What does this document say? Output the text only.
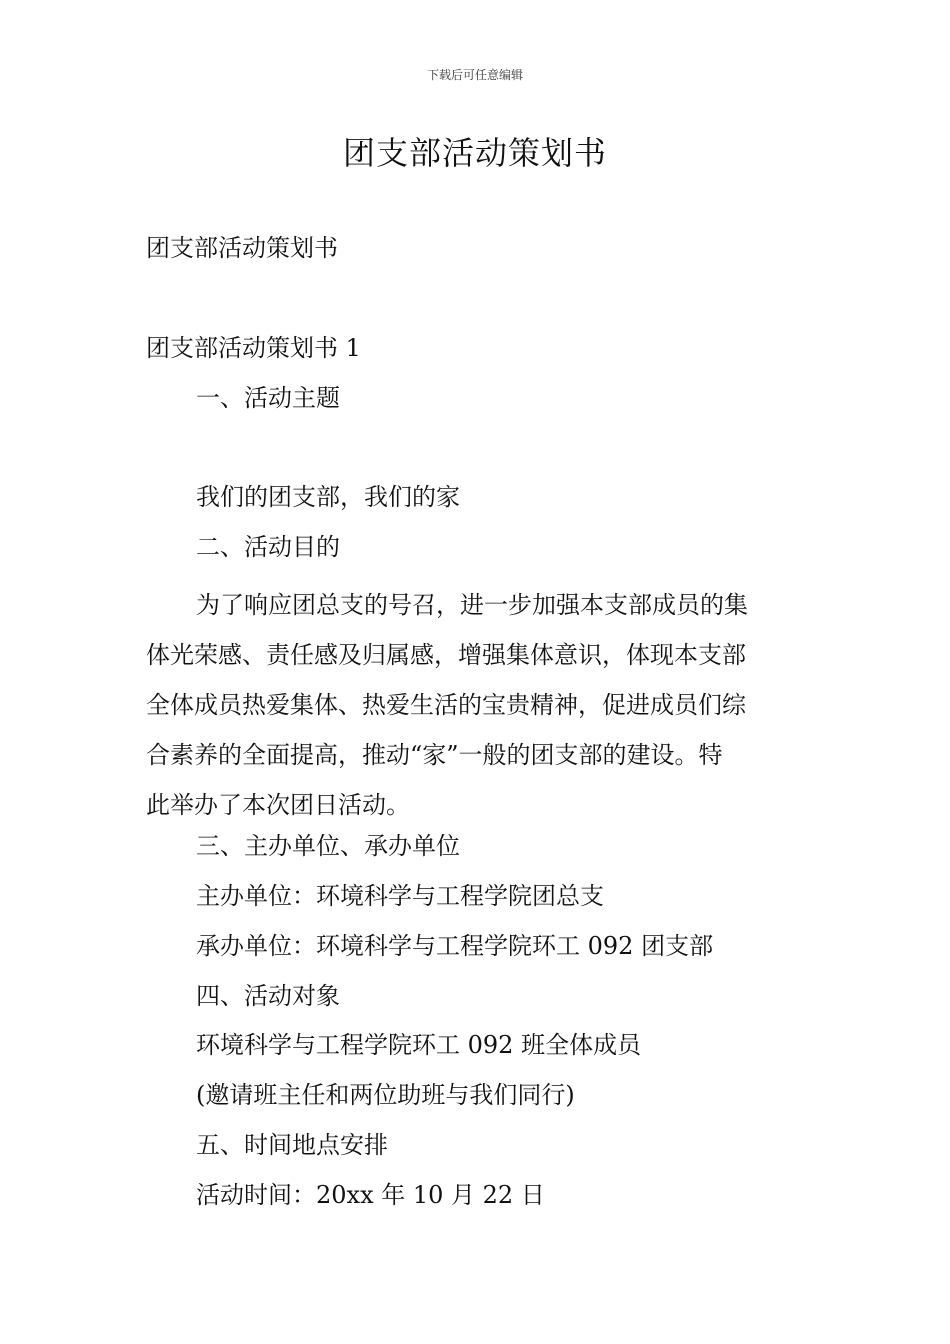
下载后可任意编辑
团支部活动策划书
团支部活动策划书
团支部活动策划书 1
一、活动主题
我们的团支部，我们的家
二、活动目的
为了响应团总支的号召，进一步加强本支部成员的集
体光荣感、责任感及归属感，增强集体意识，体现本支部
全体成员热爱集体、热爱生活的宝贵精神，促进成员们综
合素养的全面提高，推动“家”一般的团支部的建设。特
此举办了本次团日活动。
三、主办单位、承办单位
主办单位：环境科学与工程学院团总支
承办单位：环境科学与工程学院环工 092 团支部
四、活动对象
环境科学与工程学院环工 092 班全体成员
(邀请班主任和两位助班与我们同行)
五、时间地点安排
活动时间：20xx 年 10 月 22 日
